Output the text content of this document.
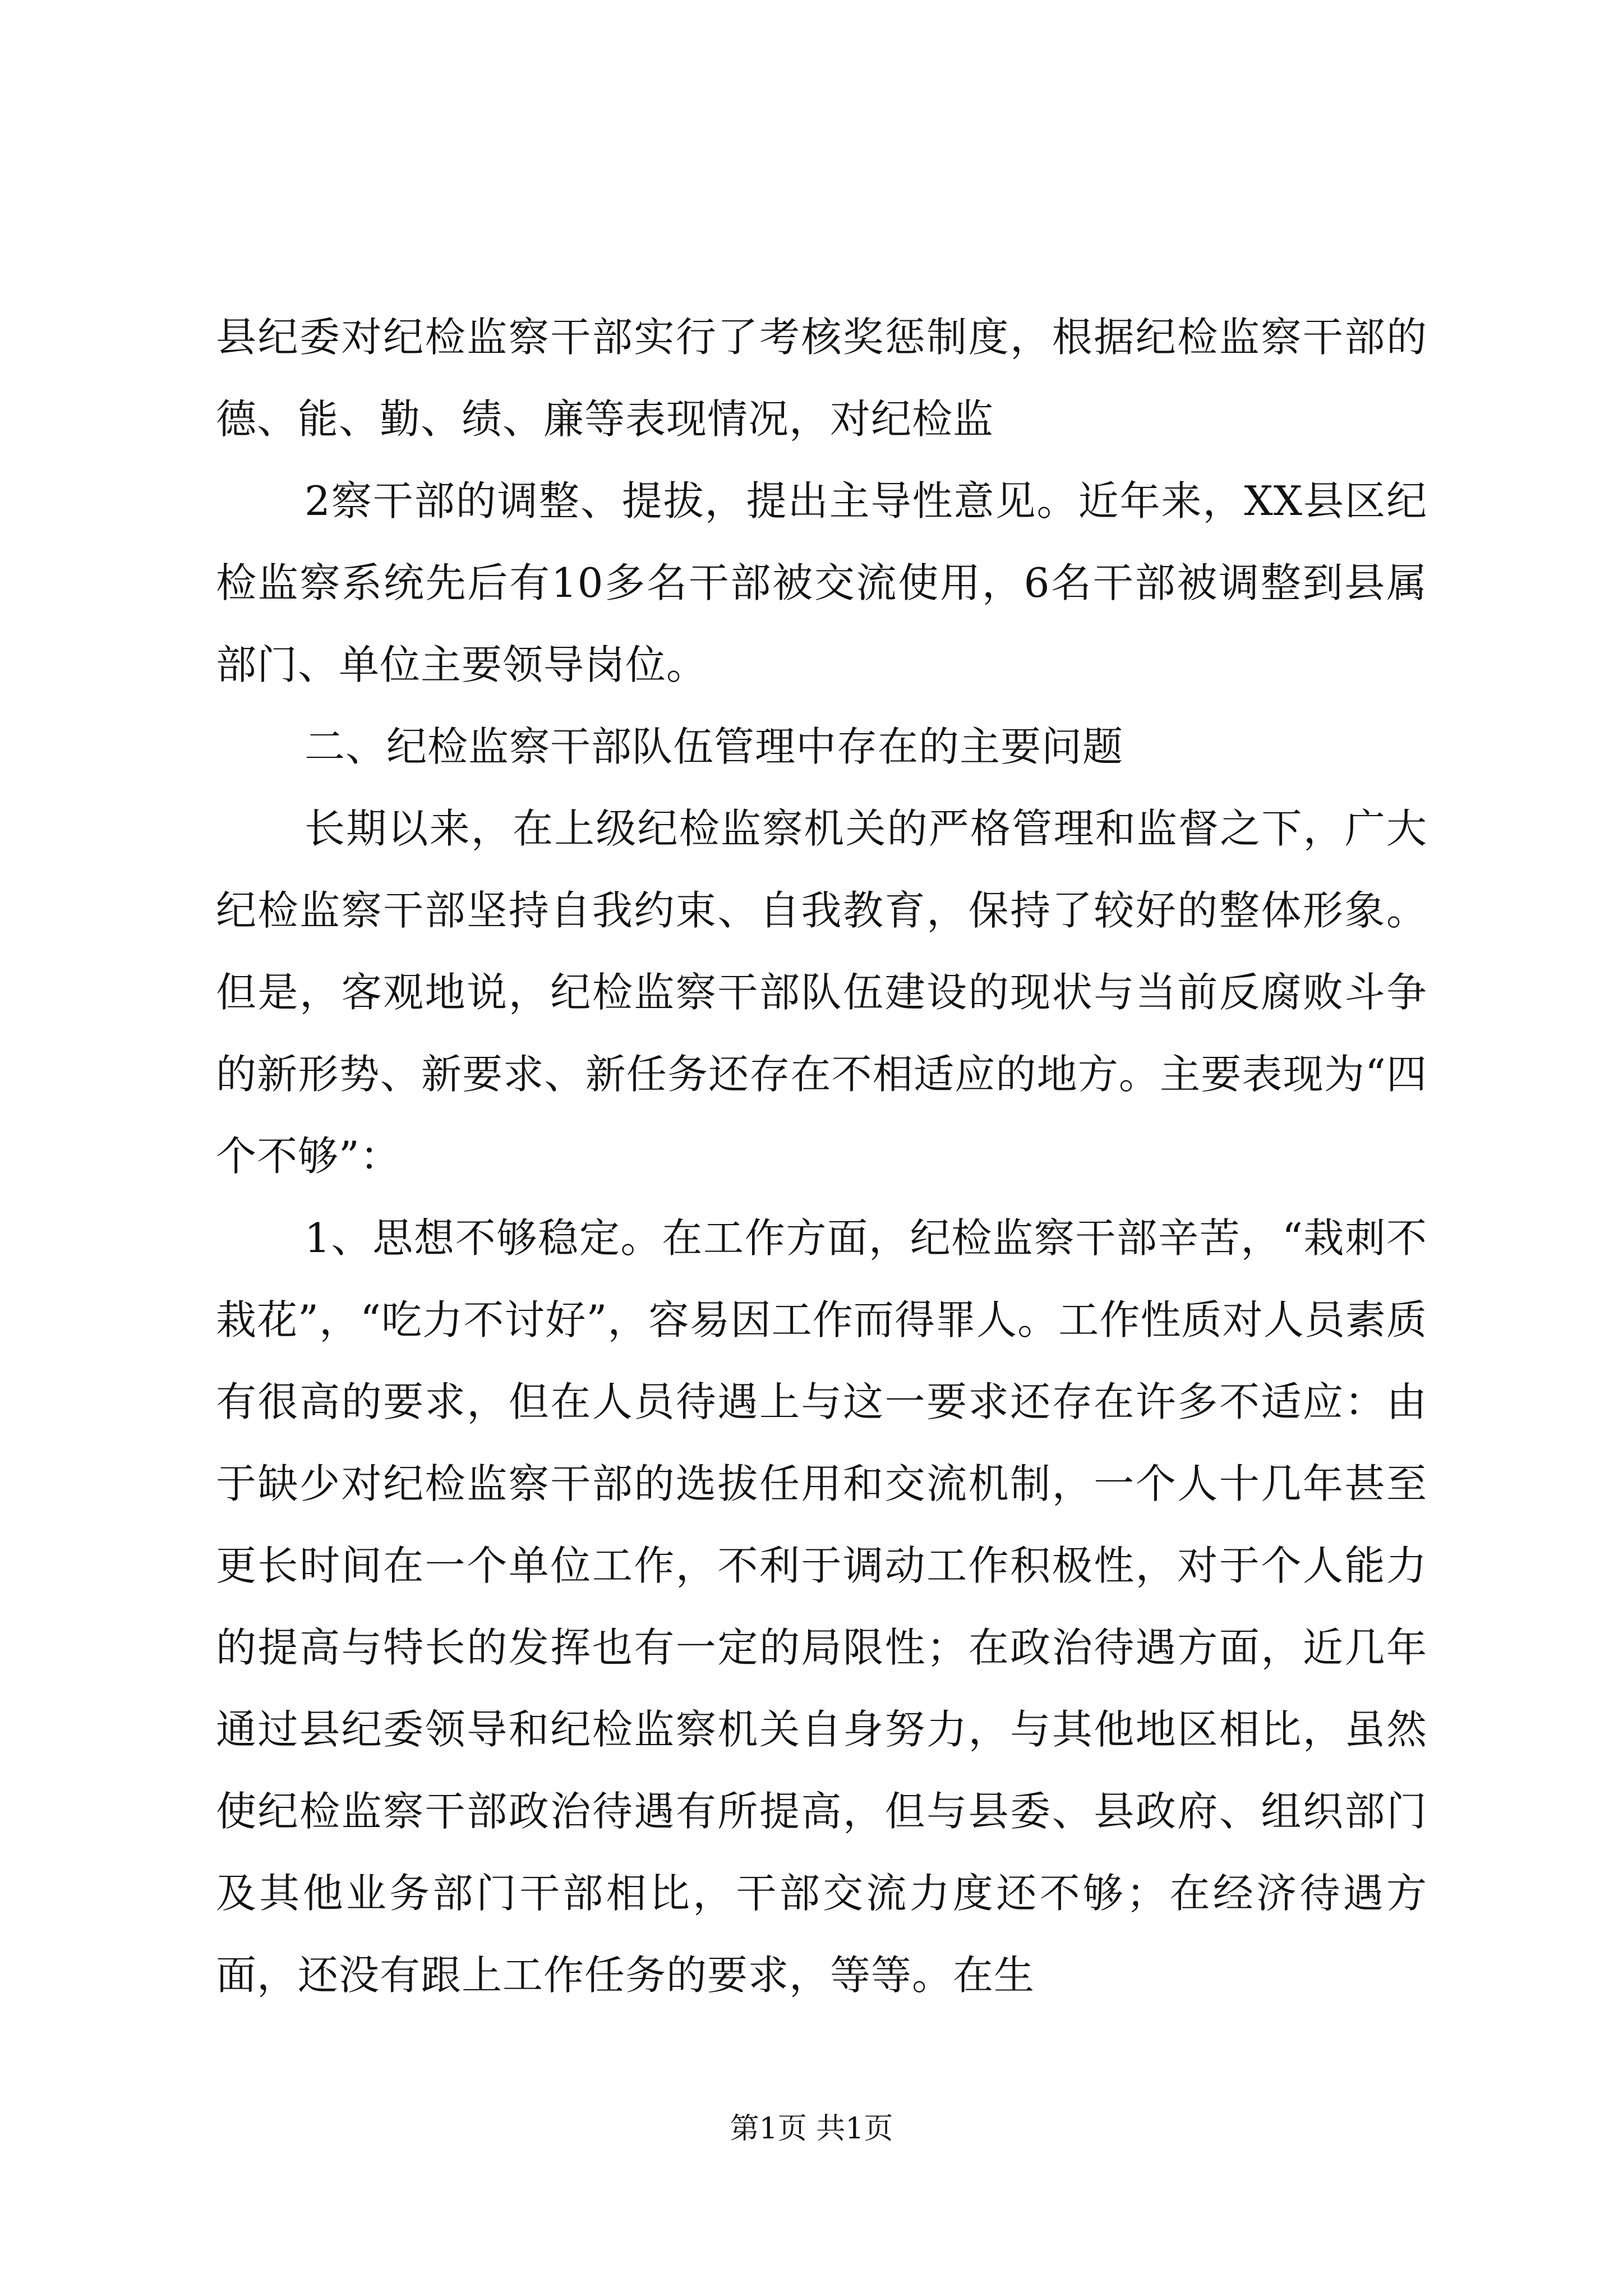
县纪委对纪检监察干部实行了考核奖惩制度，根据纪检监察干部的德、能、勤、绩、廉等表现情况，对纪检监

2察干部的调整、提拔，提出主导性意见。近年来，XX县区纪检监察系统先后有10多名干部被交流使用，6名干部被调整到县属部门、单位主要领导岗位。

二、纪检监察干部队伍管理中存在的主要问题

长期以来，在上级纪检监察机关的严格管理和监督之下，广大纪检监察干部坚持自我约束、自我教育，保持了较好的整体形象。但是，客观地说，纪检监察干部队伍建设的现状与当前反腐败斗争的新形势、新要求、新任务还存在不相适应的地方。主要表现为“四个不够”：

1、思想不够稳定。在工作方面，纪检监察干部辛苦，“栽刺不栽花”，“吃力不讨好”，容易因工作而得罪人。工作性质对人员素质有很高的要求，但在人员待遇上与这一要求还存在许多不适应：由于缺少对纪检监察干部的选拔任用和交流机制，一个人十几年甚至更长时间在一个单位工作，不利于调动工作积极性，对于个人能力的提高与特长的发挥也有一定的局限性；在政治待遇方面，近几年通过县纪委领导和纪检监察机关自身努力，与其他地区相比，虽然使纪检监察干部政治待遇有所提高，但与县委、县政府、组织部门及其他业务部门干部相比，干部交流力度还不够；在经济待遇方面，还没有跟上工作任务的要求，等等。在生

第1页 共1页
